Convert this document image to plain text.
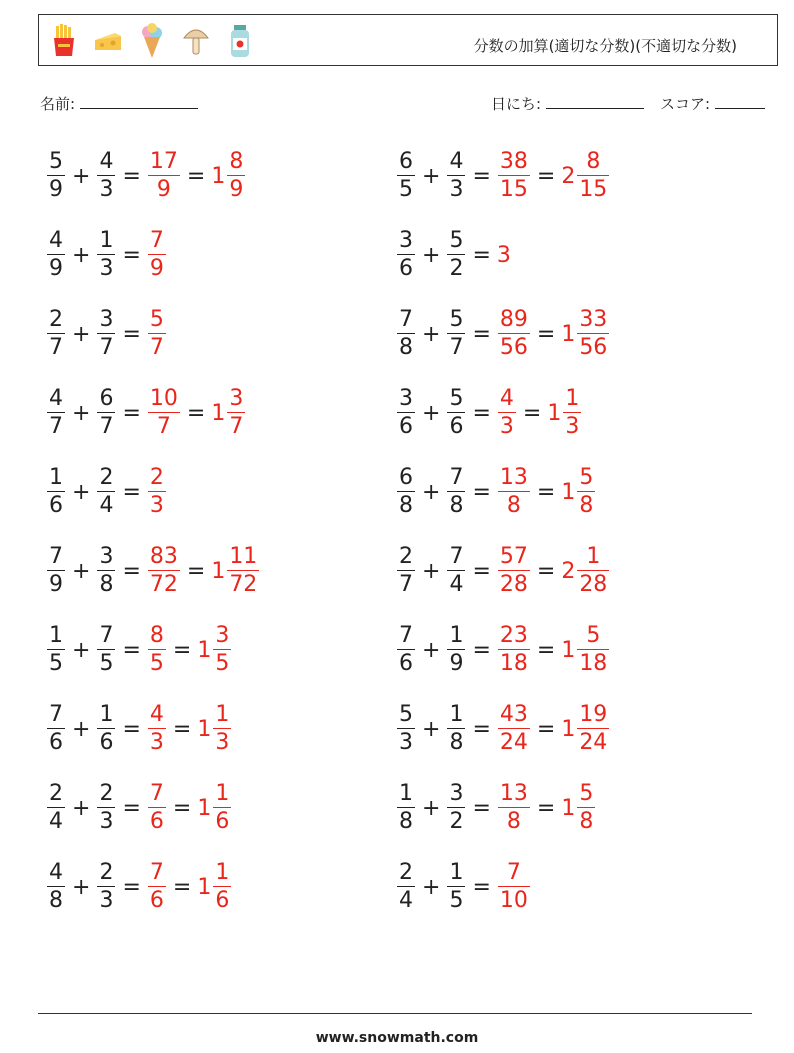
分数の加算(適切な分数)(不適切な分数)
名前:	日にち:	スコア:
$\frac{5}{9} + \frac{4}{3} = \frac{17}{9} = 1 \frac{8}{9}$	$\frac{6}{5} + \frac{4}{3} = \frac{38}{15} = 2 \frac{8}{15}$
$\frac{4}{9} + \frac{1}{3} = \frac{7}{9}$	$\frac{3}{6} + \frac{5}{2} = 3$
$\frac{2}{7} + \frac{3}{7} = \frac{5}{7}$	$\frac{7}{8} + \frac{5}{7} = \frac{89}{56} = 1 \frac{33}{56}$
$\frac{4}{7} + \frac{6}{7} = \frac{10}{7} = 1 \frac{3}{7}$	$\frac{3}{6} + \frac{5}{6} = \frac{4}{3} = 1 \frac{1}{3}$
$\frac{1}{6} + \frac{2}{4} = \frac{2}{3}$	$\frac{6}{8} + \frac{7}{8} = \frac{13}{8} = 1 \frac{5}{8}$
$\frac{7}{9} + \frac{3}{8} = \frac{83}{72} = 1 \frac{11}{72}$	$\frac{2}{7} + \frac{7}{4} = \frac{57}{28} = 2 \frac{1}{28}$
$\frac{1}{5} + \frac{7}{5} = \frac{8}{5} = 1 \frac{3}{5}$	$\frac{7}{6} + \frac{1}{9} = \frac{23}{18} = 1 \frac{5}{18}$
$\frac{7}{6} + \frac{1}{6} = \frac{4}{3} = 1 \frac{1}{3}$	$\frac{5}{3} + \frac{1}{8} = \frac{43}{24} = 1 \frac{19}{24}$
$\frac{2}{4} + \frac{2}{3} = \frac{7}{6} = 1 \frac{1}{6}$	$\frac{1}{8} + \frac{3}{2} = \frac{13}{8} = 1 \frac{5}{8}$
$\frac{4}{8} + \frac{2}{3} = \frac{7}{6} = 1 \frac{1}{6}$	$\frac{2}{4} + \frac{1}{5} = \frac{7}{10}$
www.snowmath.com
